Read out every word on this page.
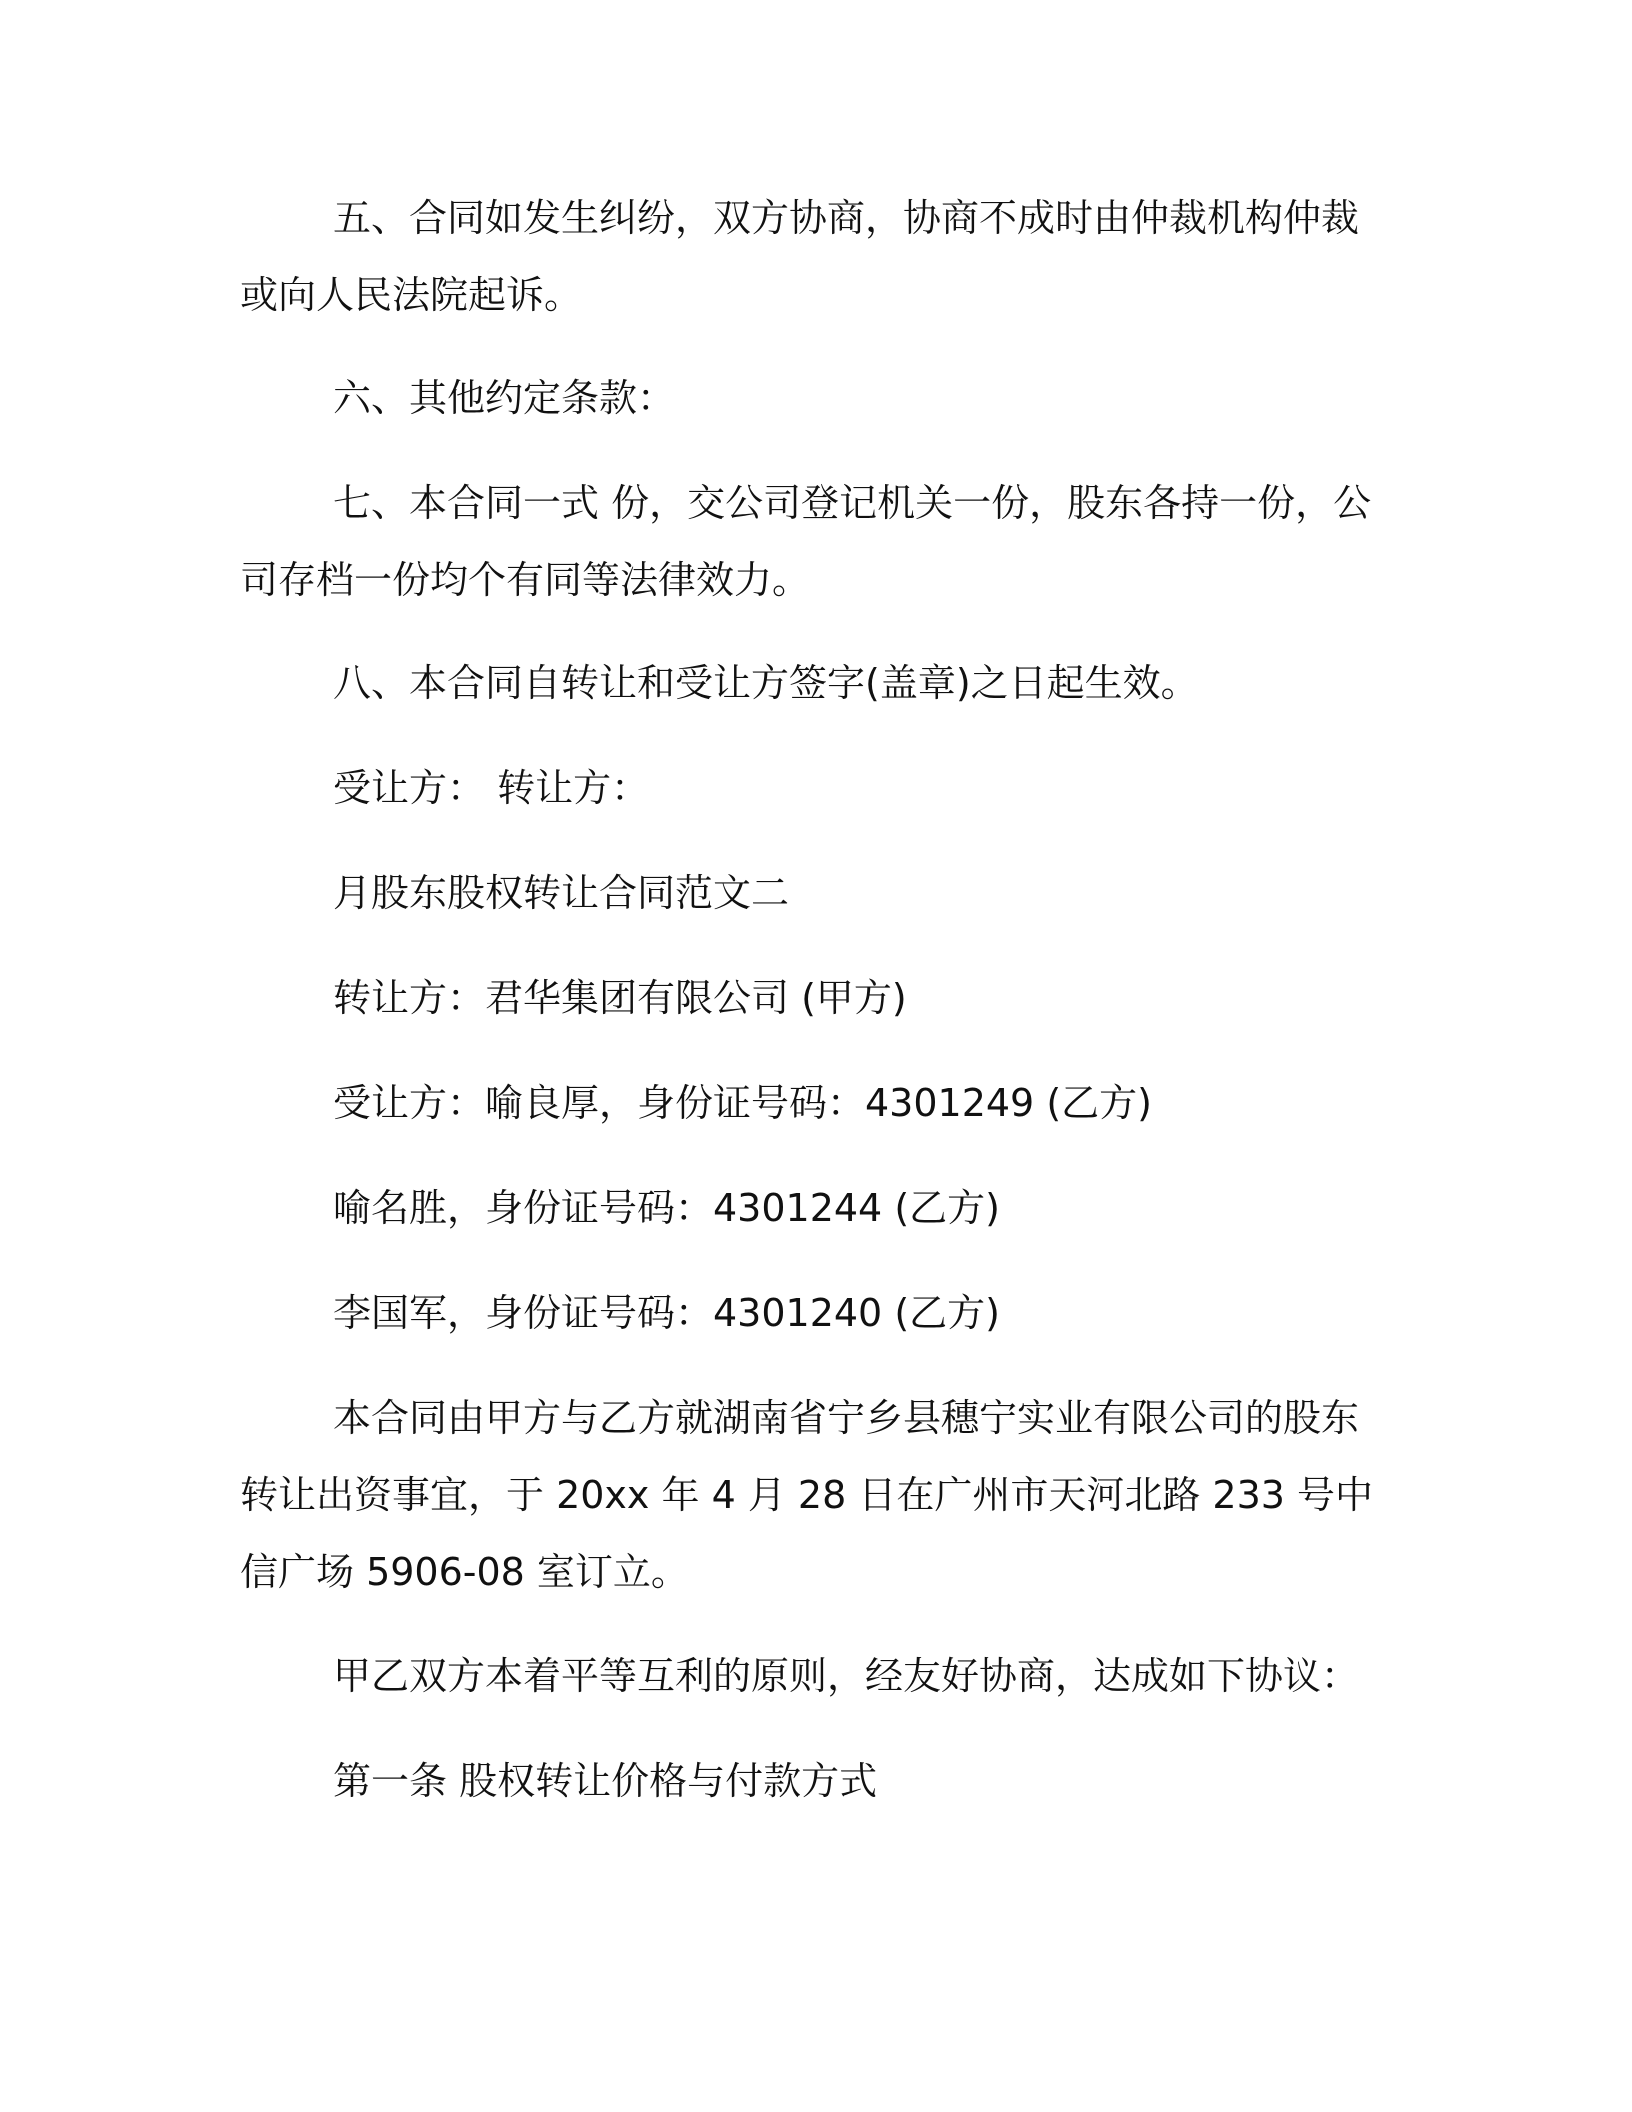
五、合同如发生纠纷，双方协商，协商不成时由仲裁机构仲裁或向人民法院起诉。
六、其他约定条款：
七、本合同一式 份，交公司登记机关一份，股东各持一份，公司存档一份均个有同等法律效力。
八、本合同自转让和受让方签字(盖章)之日起生效。
受让方： 转让方：
月股东股权转让合同范文二
转让方：君华集团有限公司 (甲方)
受让方：喻良厚，身份证号码：4301249 (乙方)
喻名胜，身份证号码：4301244 (乙方)
李国军，身份证号码：4301240 (乙方)
本合同由甲方与乙方就湖南省宁乡县穗宁实业有限公司的股东转让出资事宜，于 20xx 年 4 月 28 日在广州市天河北路 233 号中信广场 5906-08 室订立。
甲乙双方本着平等互利的原则，经友好协商，达成如下协议：
第一条 股权转让价格与付款方式
